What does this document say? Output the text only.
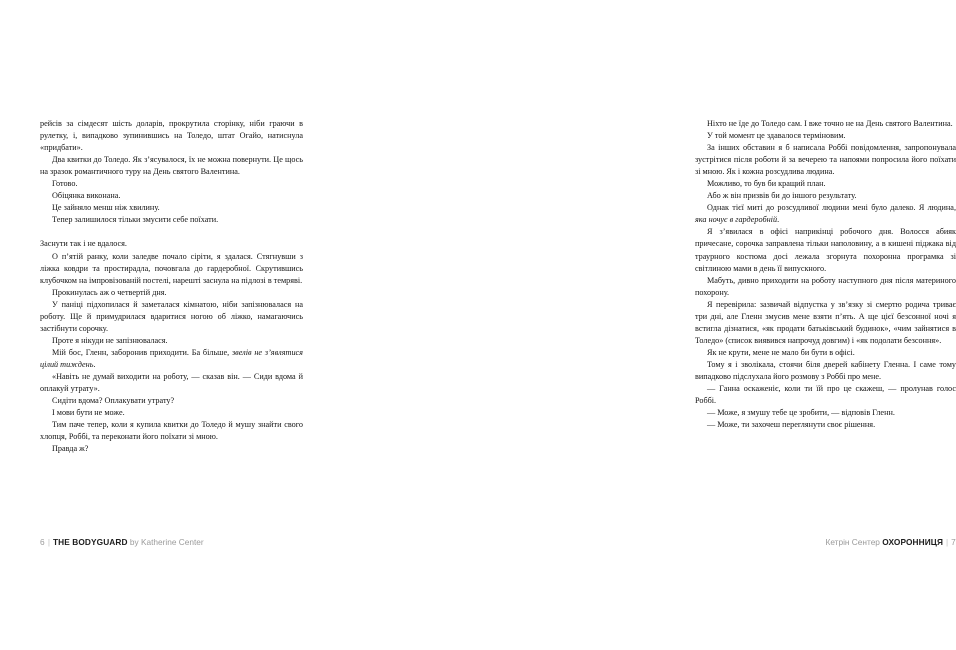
рейсів за сімдесят шість доларів, прокрутила сторінку, ніби граючи в рулетку, і, випадково зупинившись на Толедо, штат Огайо, натиснула «придбати».

Два квитки до Толедо. Як з’ясувалося, їх не можна повернути. Це щось на зразок романтичного туру на День святого Валентина.

Готово.

Обіцянка виконана.

Це зайняло менш ніж хвилину.

Тепер залишилося тільки змусити себе поїхати.

Заснути так і не вдалося.

О п’ятій ранку, коли заледве почало сіріти, я здалася. Стягнувши з ліжка ковдри та простирадла, почовгала до гардеробної. Скрутившись клубочком на імпровізованій постелі, нарешті заснула на підлозі в темряві.

Прокинулась аж о четвертій дня.

У паніці підхопилася й заметалася кімнатою, ніби запізнювалася на роботу. Ще й примудрилася вдаритися ногою об ліжко, намагаючись застібнути сорочку.

Проте я нікуди не запізнювалася.

Мій бос, Гленн, заборонив приходити. Ба більше, звелів не з’являтися цілий тиждень.

«Навіть не думай виходити на роботу, — сказав він. — Сиди вдома й оплакуй утрату».

Сидіти вдома? Оплакувати утрату?

І мови бути не може.

Тим паче тепер, коли я купила квитки до Толедо й мушу знайти свого хлопця, Роббі, та переконати його поїхати зі мною.

Правда ж?

6 | THE BODYGUARD by Katherine Center

Ніхто не їде до Толедо сам. І вже точно не на День святого Валентина.

У той момент це здавалося терміновим.

За інших обставин я б написала Роббі повідомлення, запропонувала зустрітися після роботи й за вечерею та напоями попросила його поїхати зі мною. Як і кожна розсудлива людина.

Можливо, то був би кращий план.

Або ж він призвів би до іншого результату.

Однак тієї миті до розсудливої людини мені було далеко. Я людина, яка ночує в гардеробній.

Я з’явилася в офісі наприкінці робочого дня. Волосся абияк причесане, сорочка заправлена тільки наполовину, а в кишені піджака від траурного костюма досі лежала згорнута похоронна програмка зі світлиною мами в день її випускного.

Мабуть, дивно приходити на роботу наступного дня після материного похорону.

Я перевірила: зазвичай відпустка у зв’язку зі смертю родича триває три дні, але Гленн змусив мене взяти п’ять. А ще цієї безсонної ночі я встигла дізнатися, «як продати батьківський будинок», «чим зайнятися в Толедо» (список виявився напрочуд довгим) і «як подолати безсоння».

Як не крути, мене не мало би бути в офісі.

Тому я і зволікала, стоячи біля дверей кабінету Гленна. І саме тому випадково підслухала його розмову з Роббі про мене.

— Ганна оскаженіє, коли ти їй про це скажеш, — пролунав голос Роббі.

— Може, я змушу тебе це зробити, — відповів Гленн.

— Може, ти захочеш переглянути своє рішення.

Кетрін Сентер ОХОРОННИЦЯ | 7
